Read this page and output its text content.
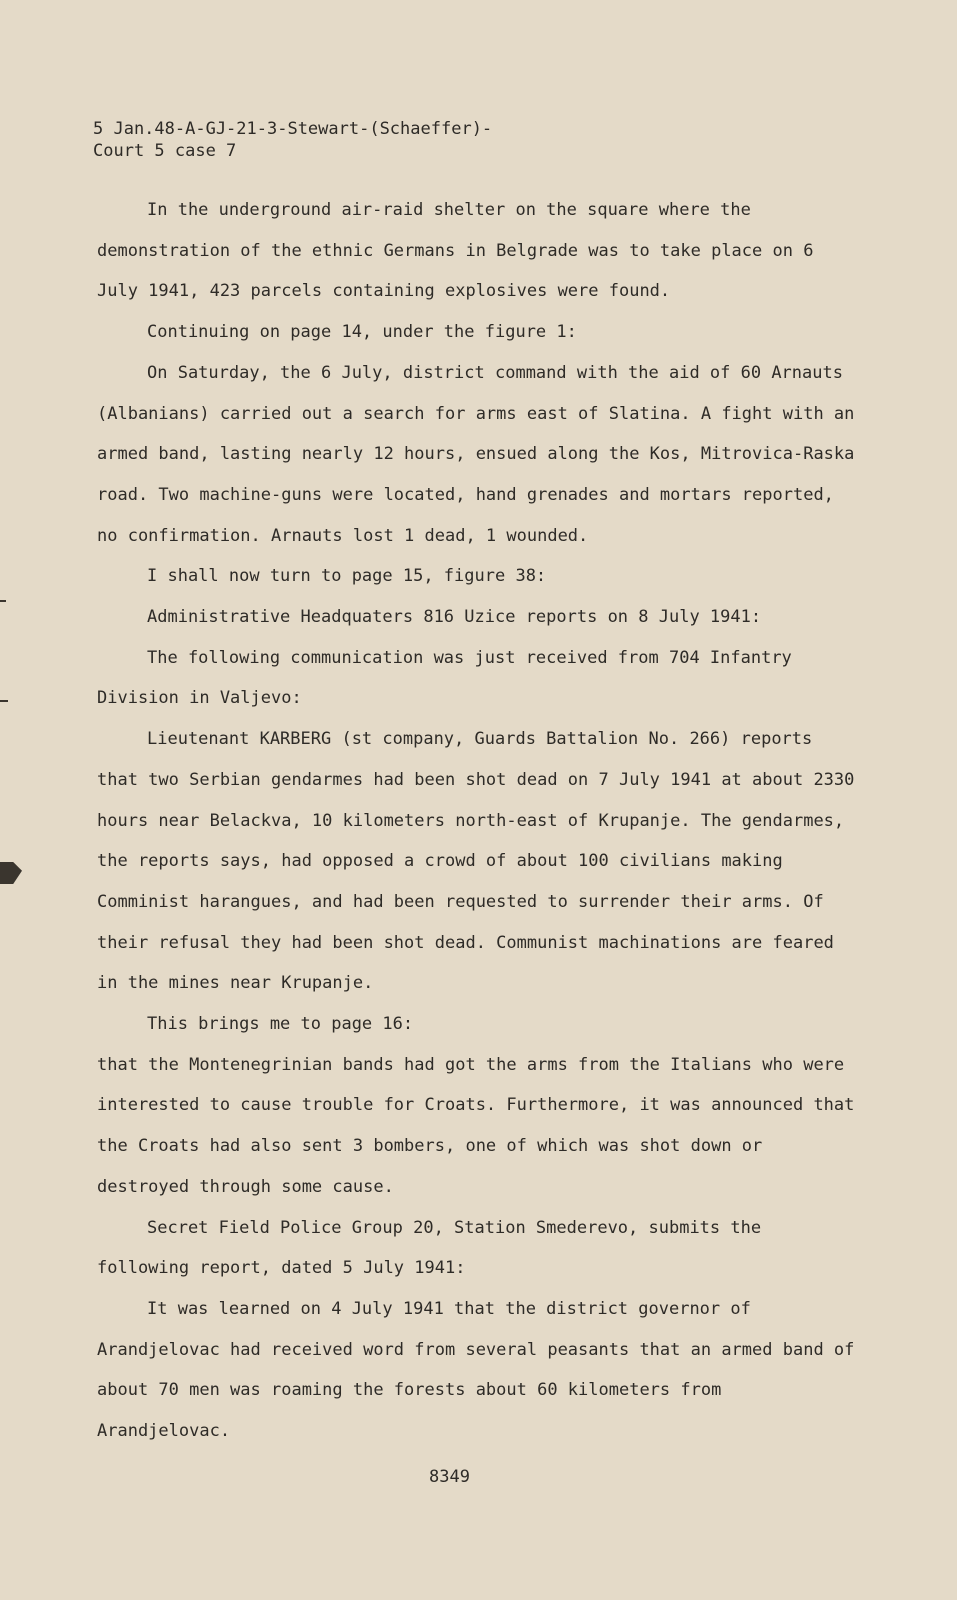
5 Jan.48-A-GJ-21-3-Stewart-(Schaeffer)-
Court 5 case 7

In the underground air-raid shelter on the square where the demonstration of the ethnic Germans in Belgrade was to take place on 6 July 1941, 423 parcels containing explosives were found.

Continuing on page 14, under the figure 1:

On Saturday, the 6 July, district command with the aid of 60 Arnauts (Albanians) carried out a search for arms east of Slatina. A fight with an armed band, lasting nearly 12 hours, ensued along the Kos, Mitrovica-Raska road. Two machine-guns were located, hand grenades and mortars reported, no confirmation. Arnauts lost 1 dead, 1 wounded.

I shall now turn to page 15, figure 38:

Administrative Headquaters 816 Uzice reports on 8 July 1941:

The following communication was just received from 704 Infantry Division in Valjevo:

Lieutenant KARBERG (st company, Guards Battalion No. 266) reports that two Serbian gendarmes had been shot dead on 7 July 1941 at about 2330 hours near Belackva, 10 kilometers north-east of Krupanje. The gendarmes, the reports says, had opposed a crowd of about 100 civilians making Comminist harangues, and had been requested to surrender their arms. Of their refusal they had been shot dead. Communist machinations are feared in the mines near Krupanje.

This brings me to page 16:

that the Montenegrinian bands had got the arms from the Italians who were interested to cause trouble for Croats. Furthermore, it was announced that the Croats had also sent 3 bombers, one of which was shot down or destroyed through some cause.

Secret Field Police Group 20, Station Smederevo, submits the following report, dated 5 July 1941:

It was learned on 4 July 1941 that the district governor of Arandjelovac had received word from several peasants that an armed band of about 70 men was roaming the forests about 60 kilometers from Arandjelovac.

8349
